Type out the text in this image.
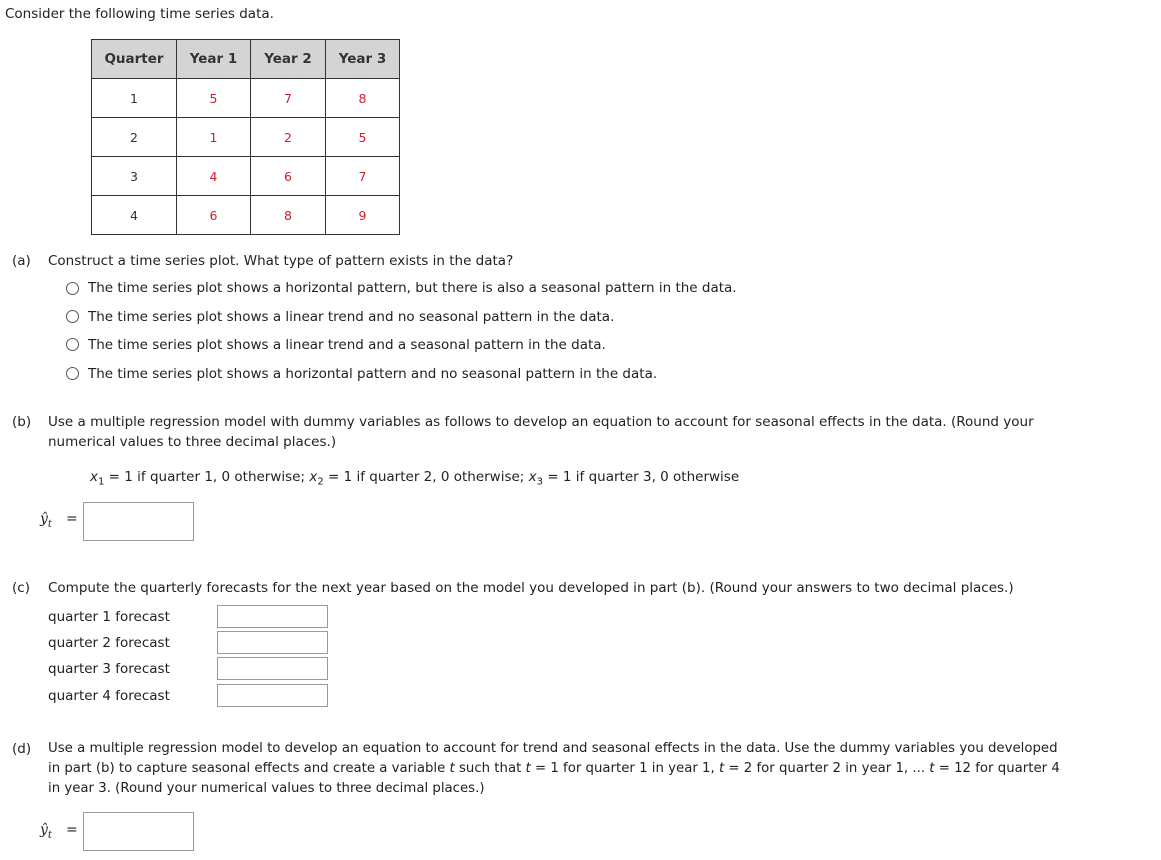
Consider the following time series data.
Quarter	Year 1	Year 2	Year 3
1	5	7	8
2	1	2	5
3	4	6	7
4	6	8	9
(a) Construct a time series plot. What type of pattern exists in the data?
The time series plot shows a horizontal pattern, but there is also a seasonal pattern in the data.
The time series plot shows a linear trend and no seasonal pattern in the data.
The time series plot shows a linear trend and a seasonal pattern in the data.
The time series plot shows a horizontal pattern and no seasonal pattern in the data.
(b) Use a multiple regression model with dummy variables as follows to develop an equation to account for seasonal effects in the data. (Round your
numerical values to three decimal places.)
$x_1 = 1$ if quarter 1, 0 otherwise; $x_2 = 1$ if quarter 2, 0 otherwise; $x_3 = 1$ if quarter 3, 0 otherwise
$ŷ_t$ =
(c) Compute the quarterly forecasts for the next year based on the model you developed in part (b). (Round your answers to two decimal places.)
quarter 1 forecast
quarter 2 forecast
quarter 3 forecast
quarter 4 forecast
(d) Use a multiple regression model to develop an equation to account for trend and seasonal effects in the data. Use the dummy variables you developed
in part (b) to capture seasonal effects and create a variable t such that t = 1 for quarter 1 in year 1, t = 2 for quarter 2 in year 1, ... t = 12 for quarter 4
in year 3. (Round your numerical values to three decimal places.)
$ŷ_t$ =
